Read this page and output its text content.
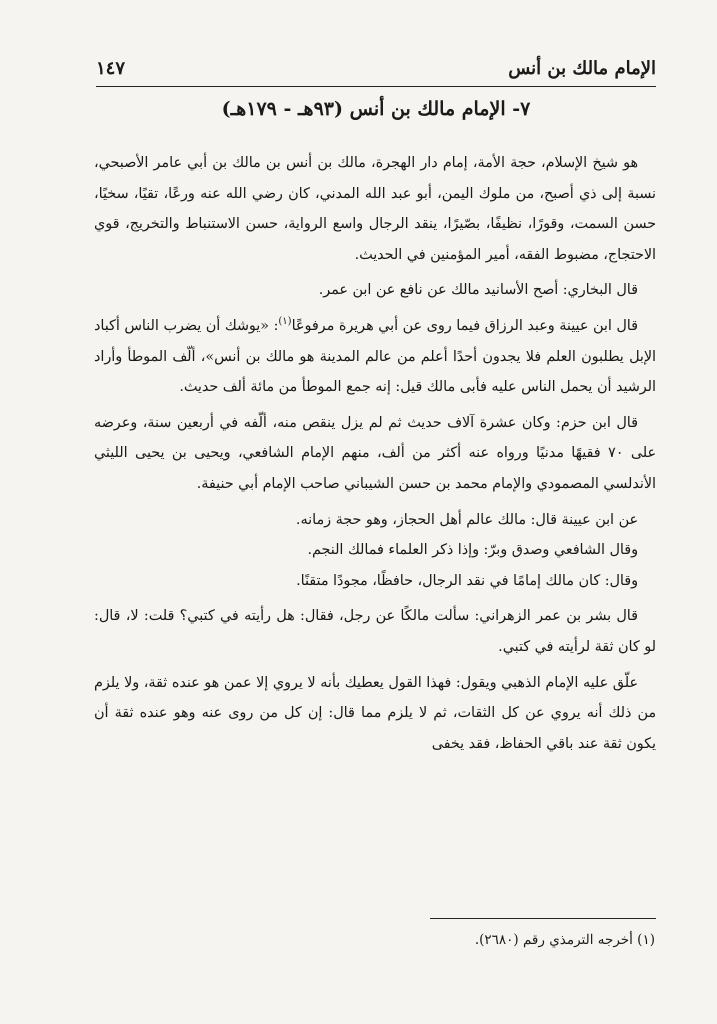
الإمام مالك بن أنس
١٤٧
٧- الإمام مالك بن أنس (٩٣هـ - ١٧٩هـ)

هو شيخ الإسلام، حجة الأمة، إمام دار الهجرة، مالك بن أنس بن مالك بن أبي عامر الأصبحي، نسبة إلى ذي أصبح، من ملوك اليمن، أبو عبد الله المدني، كان رضي الله عنه ورعًا، تقيًا، سخيًا، حسن السمت، وقورًا، نظيفًا، بصّيرًا، ينقد الرجال واسع الرواية، حسن الاستنباط والتخريج، قوي الاحتجاج، مضبوط الفقه، أمير المؤمنين في الحديث.

قال البخاري: أصح الأسانيد مالك عن نافع عن ابن عمر.

قال ابن عيينة وعبد الرزاق فيما روى عن أبي هريرة مرفوعًا$^{(١)}$: «يوشك أن يضرب الناس أكباد الإبل يطلبون العلم فلا يجدون أحدًا أعلم من عالم المدينة هو مالك بن أنس»، ألّف الموطأ وأراد الرشيد أن يحمل الناس عليه فأبى مالك قيل: إنه جمع الموطأ من مائة ألف حديث.

قال ابن حزم: وكان عشرة آلاف حديث ثم لم يزل ينقص منه، ألّفه في أربعين سنة، وعرضه على ٧٠ فقيهًا مدنيًا ورواه عنه أكثر من ألف، منهم الإمام الشافعي، ويحيى بن يحيى الليثي الأندلسي المصمودي والإمام محمد بن حسن الشيباني صاحب الإمام أبي حنيفة.

عن ابن عيينة قال: مالك عالم أهل الحجاز، وهو حجة زمانه.

وقال الشافعي وصدق وبرّ: وإذا ذكر العلماء فمالك النجم.

وقال: كان مالك إمامًا في نقد الرجال، حافظًا، مجودًا متقنًا.

قال بشر بن عمر الزهراني: سألت مالكًا عن رجل، فقال: هل رأيته في كتبي؟ قلت: لا، قال: لو كان ثقة لرأيته في كتبي.

علّق عليه الإمام الذهبي ويقول: فهذا القول يعطيك بأنه لا يروي إلا عمن هو عنده ثقة، ولا يلزم من ذلك أنه يروي عن كل الثقات، ثم لا يلزم مما قال: إن كل من روى عنه وهو عنده ثقة أن يكون ثقة عند باقي الحفاظ، فقد يخفى

(١) أخرجه الترمذي رقم (٢٦٨٠).
